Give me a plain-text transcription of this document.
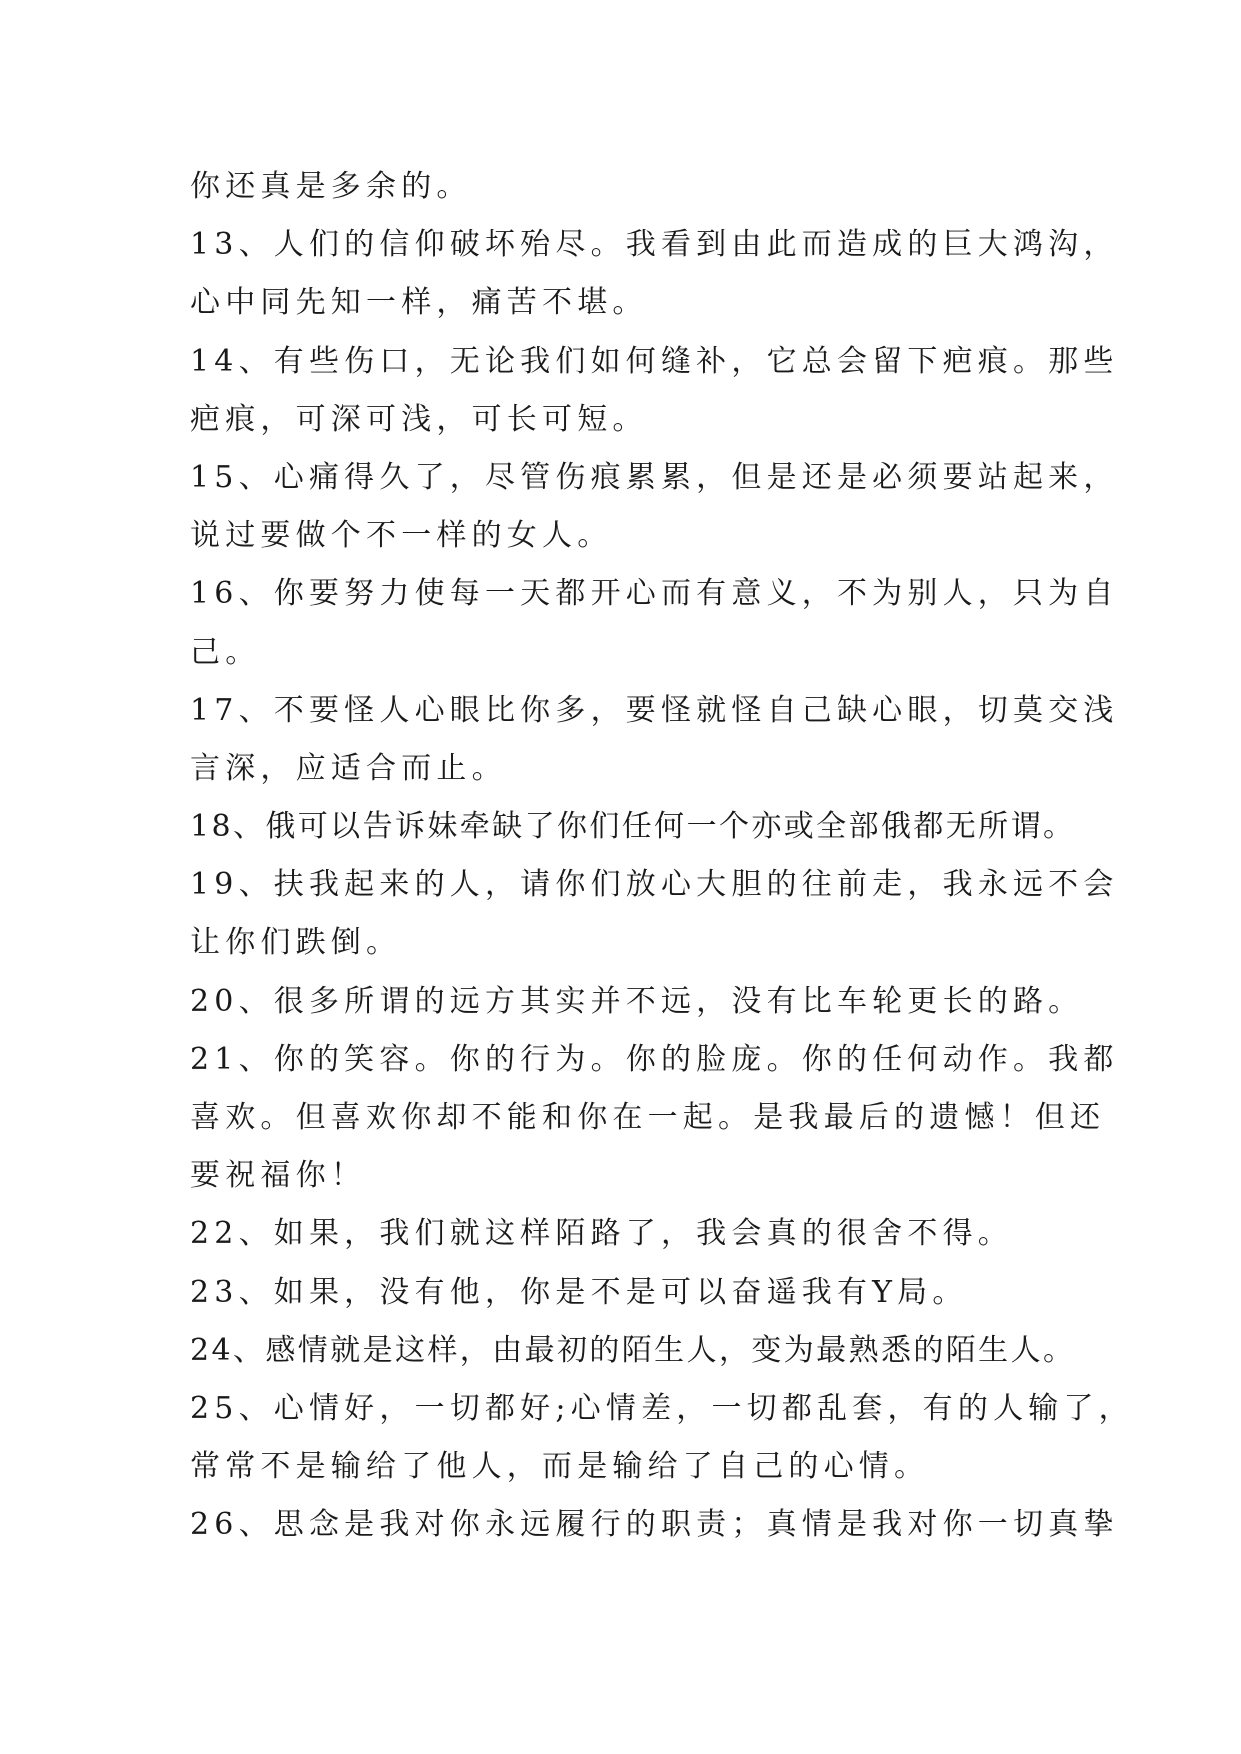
你还真是多余的。
13、人们的信仰破坏殆尽。我看到由此而造成的巨大鸿沟，
心中同先知一样，痛苦不堪。
14、有些伤口，无论我们如何缝补，它总会留下疤痕。那些
疤痕，可深可浅，可长可短。
15、心痛得久了，尽管伤痕累累，但是还是必须要站起来，
说过要做个不一样的女人。
16、你要努力使每一天都开心而有意义，不为别人，只为自
己。
17、不要怪人心眼比你多，要怪就怪自己缺心眼，切莫交浅
言深，应适合而止。
18、俄可以告诉妹牵缺了你们任何一个亦或全部俄都无所谓。
19、扶我起来的人，请你们放心大胆的往前走，我永远不会
让你们跌倒。
20、很多所谓的远方其实并不远，没有比车轮更长的路。
21、你的笑容。你的行为。你的脸庞。你的任何动作。我都
喜欢。但喜欢你却不能和你在一起。是我最后的遗憾！但还
要祝福你！
22、如果，我们就这样陌路了，我会真的很舍不得。
23、如果，没有他，你是不是可以奋遥我有Y局。
24、感情就是这样，由最初的陌生人，变为最熟悉的陌生人。
25、心情好，一切都好;心情差，一切都乱套，有的人输了，
常常不是输给了他人，而是输给了自己的心情。
26、思念是我对你永远履行的职责；真情是我对你一切真挚
